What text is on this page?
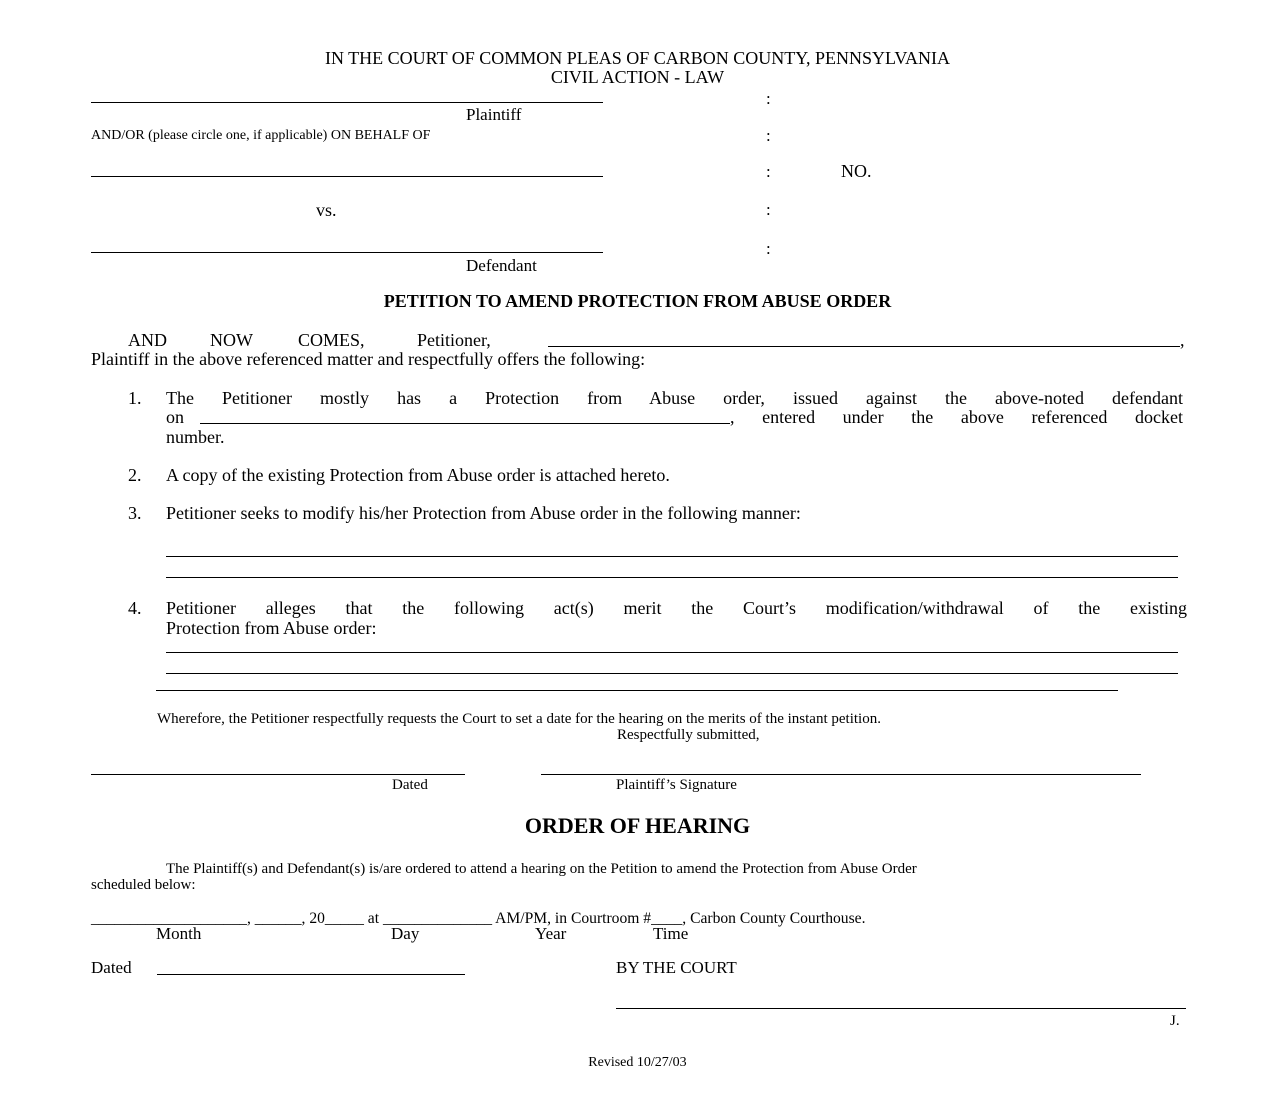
IN THE COURT OF COMMON PLEAS OF CARBON COUNTY, PENNSYLVANIA
CIVIL ACTION - LAW
Plaintiff
AND/OR (please circle one, if applicable) ON BEHALF OF
vs.
Defendant
:
:
:
:
:
NO.
PETITION TO AMEND PROTECTION FROM ABUSE ORDER
AND NOW	COMES,	Petitioner,	,
Plaintiff in the above referenced matter and respectfully offers the following:
1. The Petitioner mostly has a Protection from Abuse order, issued against the above-noted defendant
on	, entered under the above referenced docket
number.
2. A copy of the existing Protection from Abuse order is attached hereto.
3. Petitioner seeks to modify his/her Protection from Abuse order in the following manner:
4. Petitioner alleges that the following act(s) merit the Court’s modification/withdrawal of the existing
Protection from Abuse order:
Wherefore, the Petitioner respectfully requests the Court to set a date for the hearing on the merits of the instant petition.
Respectfully submitted,
Dated	Plaintiff’s Signature
ORDER OF HEARING
The Plaintiff(s) and Defendant(s) is/are ordered to attend a hearing on the Petition to amend the Protection from Abuse Order
scheduled below:
____________________, ______, 20_____ at ______________ AM/PM, in Courtroom #____, Carbon County Courthouse.
Month	Day	Year	Time
Dated	BY THE COURT
J.
Revised 10/27/03
